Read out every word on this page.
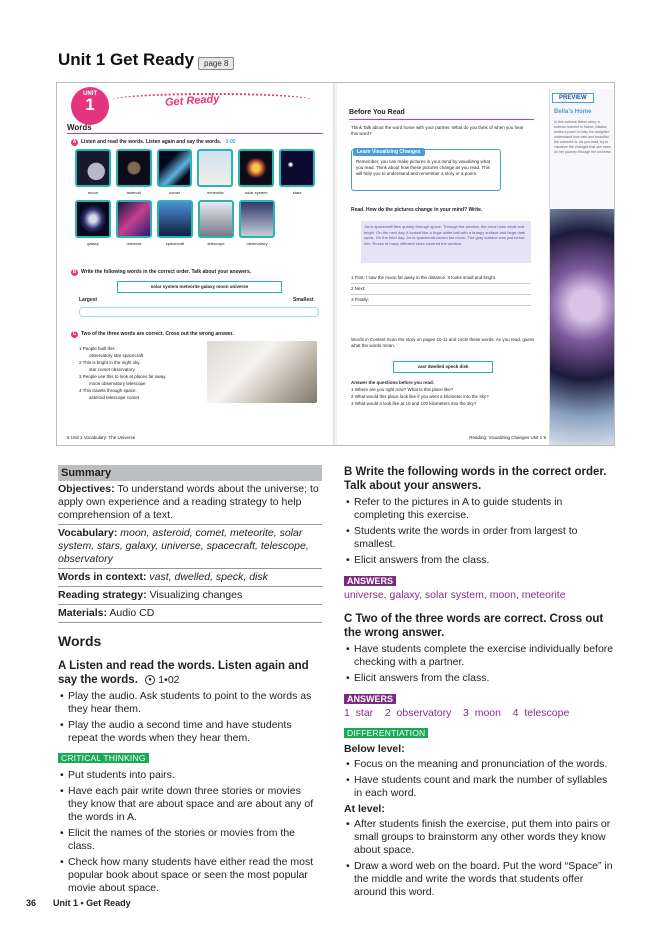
Unit 1 Get Ready	page 8
UNIT
1	Get Ready
Words
A Listen and read the words. Listen again and say the words. 1-02
moon	asteroid	comet	meteorite	solar system	stars
galaxy	universe	spacecraft	telescope	observatory
B Write the following words in the correct order. Talk about your answers.
solar system meteorite galaxy moon universe
Largest	Smallest
C Two of the three words are correct. Cross out the wrong answer.
1 People built this.
observatory star spacecraft
2 This is bright in the night sky.
star comet observatory
3 People use this to look at places far away.
moon observatory telescope
4 This travels through space.
asteroid telescope comet
8 Unit 1 Vocabulary: The Universe
Before You Read
Think Talk about the word home with your partner. What do you think of when you hear this word?
Remember, you can make pictures in your mind by visualizing what you read. Think about how these pictures change as you read. This will help you to understand and remember a story or a poem.
Learn Visualizing Changes
Read. How do the pictures change in your mind? Write.
Jon's spacecraft flew quickly through space. Through the window, the moon was small and bright. On the next day, it looked like a huge white ball with a bumpy surface and large dark spots. On the third day, Jon's spacecraft circled the moon. The gray surface was just below him. Rocks of many different sizes covered the surface.
1 First: I saw the moon far away in the distance. It looks small and bright.
2 Next:
3 Finally:
Words in Context Scan the story on pages 10-11 and circle these words. As you read, guess what the words mean.
vast dwelled speck disk
Answer the questions before you read.
1 Where are you right now? What is this place like?
2 What would this place look like if you went a kilometer into the sky?
3 What would it look like at 10 and 100 kilometers into the sky?
Reading: Visualizing Changes Unit 1 9
PREVIEW
Bella's Home
In this science fiction story, a science teacher in Nome, Alaska, writes a poem to help his daughter understand how vast and beautiful the universe is. As you read, try to visualize the changes that she sees on her journey through the universe.
Summary
Objectives: To understand words about the universe; to apply own experience and a reading strategy to help comprehension of a text.
Vocabulary: moon, asteroid, comet, meteorite, solar system, stars, galaxy, universe, spacecraft, telescope, observatory
Words in context: vast, dwelled, speck, disk
Reading strategy: Visualizing changes
Materials: Audio CD
Words
A Listen and read the words. Listen again and say the words. ● 1•02
• Play the audio. Ask students to point to the words as they hear them.
• Play the audio a second time and have students repeat the words when they hear them.
CRITICAL THINKING
• Put students into pairs.
• Have each pair write down three stories or movies they know that are about space and are about any of the words in A.
• Elicit the names of the stories or movies from the class.
• Check how many students have either read the most popular book about space or seen the most popular movie about space.
B Write the following words in the correct order. Talk about your answers.
• Refer to the pictures in A to guide students in completing this exercise.
• Students write the words in order from largest to smallest.
• Elicit answers from the class.
ANSWERS
universe, galaxy, solar system, moon, meteorite
C Two of the three words are correct. Cross out the wrong answer.
• Have students complete the exercise individually before checking with a partner.
• Elicit answers from the class.
ANSWERS
1  star    2  observatory    3  moon    4  telescope
DIFFERENTIATION
Below level:
• Focus on the meaning and pronunciation of the words.
• Have students count and mark the number of syllables in each word.
At level:
• After students finish the exercise, put them into pairs or small groups to brainstorm any other words they know about space.
• Draw a word web on the board. Put the word “Space” in the middle and write the words that students offer around this word.
36 Unit 1 • Get Ready
